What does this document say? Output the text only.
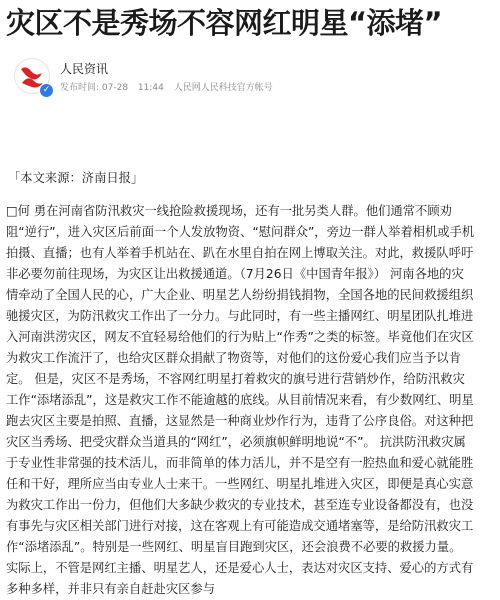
灾区不是秀场不容网红明星“添堵”
✓
人民资讯
发布时间: 07-28 11:44 人民网人民科技官方帐号

「本文来源：济南日报」

□何 勇在河南省防汛救灾一线抢险救援现场，还有一批另类人群。他们通常不顾劝阻“逆行”，进入灾区后前面一个人发放物资、“慰问群众”，旁边一群人举着相机或手机拍摄、直播；也有人举着手机站在、趴在水里自拍在网上博取关注。对此，救援队呼吁非必要勿前往现场，为灾区让出救援通道。（7月26日《中国青年报》） 河南各地的灾情牵动了全国人民的心，广大企业、明星艺人纷纷捐钱捐物，全国各地的民间救援组织驰援灾区，为防汛救灾工作出了一分力。与此同时，有一些主播网红、明星团队扎堆进入河南洪涝灾区，网友不宜轻易给他们的行为贴上“作秀”之类的标签。毕竟他们在灾区为救灾工作流汗了，也给灾区群众捐献了物资等，对他们的这份爱心我们应当予以肯定。 但是，灾区不是秀场，不容网红明星打着救灾的旗号进行营销炒作，给防汛救灾工作“添堵添乱”，这是救灾工作不能逾越的底线。从目前情况来看，有少数网红、明星跑去灾区主要是拍照、直播，这显然是一种商业炒作行为，违背了公序良俗。对这种把灾区当秀场、把受灾群众当道具的“网红”，必须旗帜鲜明地说“不”。 抗洪防汛救灾属于专业性非常强的技术活儿，而非简单的体力活儿，并不是空有一腔热血和爱心就能胜任和干好，理所应当由专业人士来干。一些网红、明星扎堆进入灾区，即便是真心实意为救灾工作出一份力，但他们大多缺少救灾的专业技术，甚至连专业设备都没有，也没有事先与灾区相关部门进行对接，这在客观上有可能造成交通堵塞等，是给防汛救灾工作“添堵添乱”。特别是一些网红、明星盲目跑到灾区，还会浪费不必要的救援力量。 实际上，不管是网红主播、明星艺人，还是爱心人士，表达对灾区支持、爱心的方式有多种多样，并非只有亲自赶赴灾区参与
